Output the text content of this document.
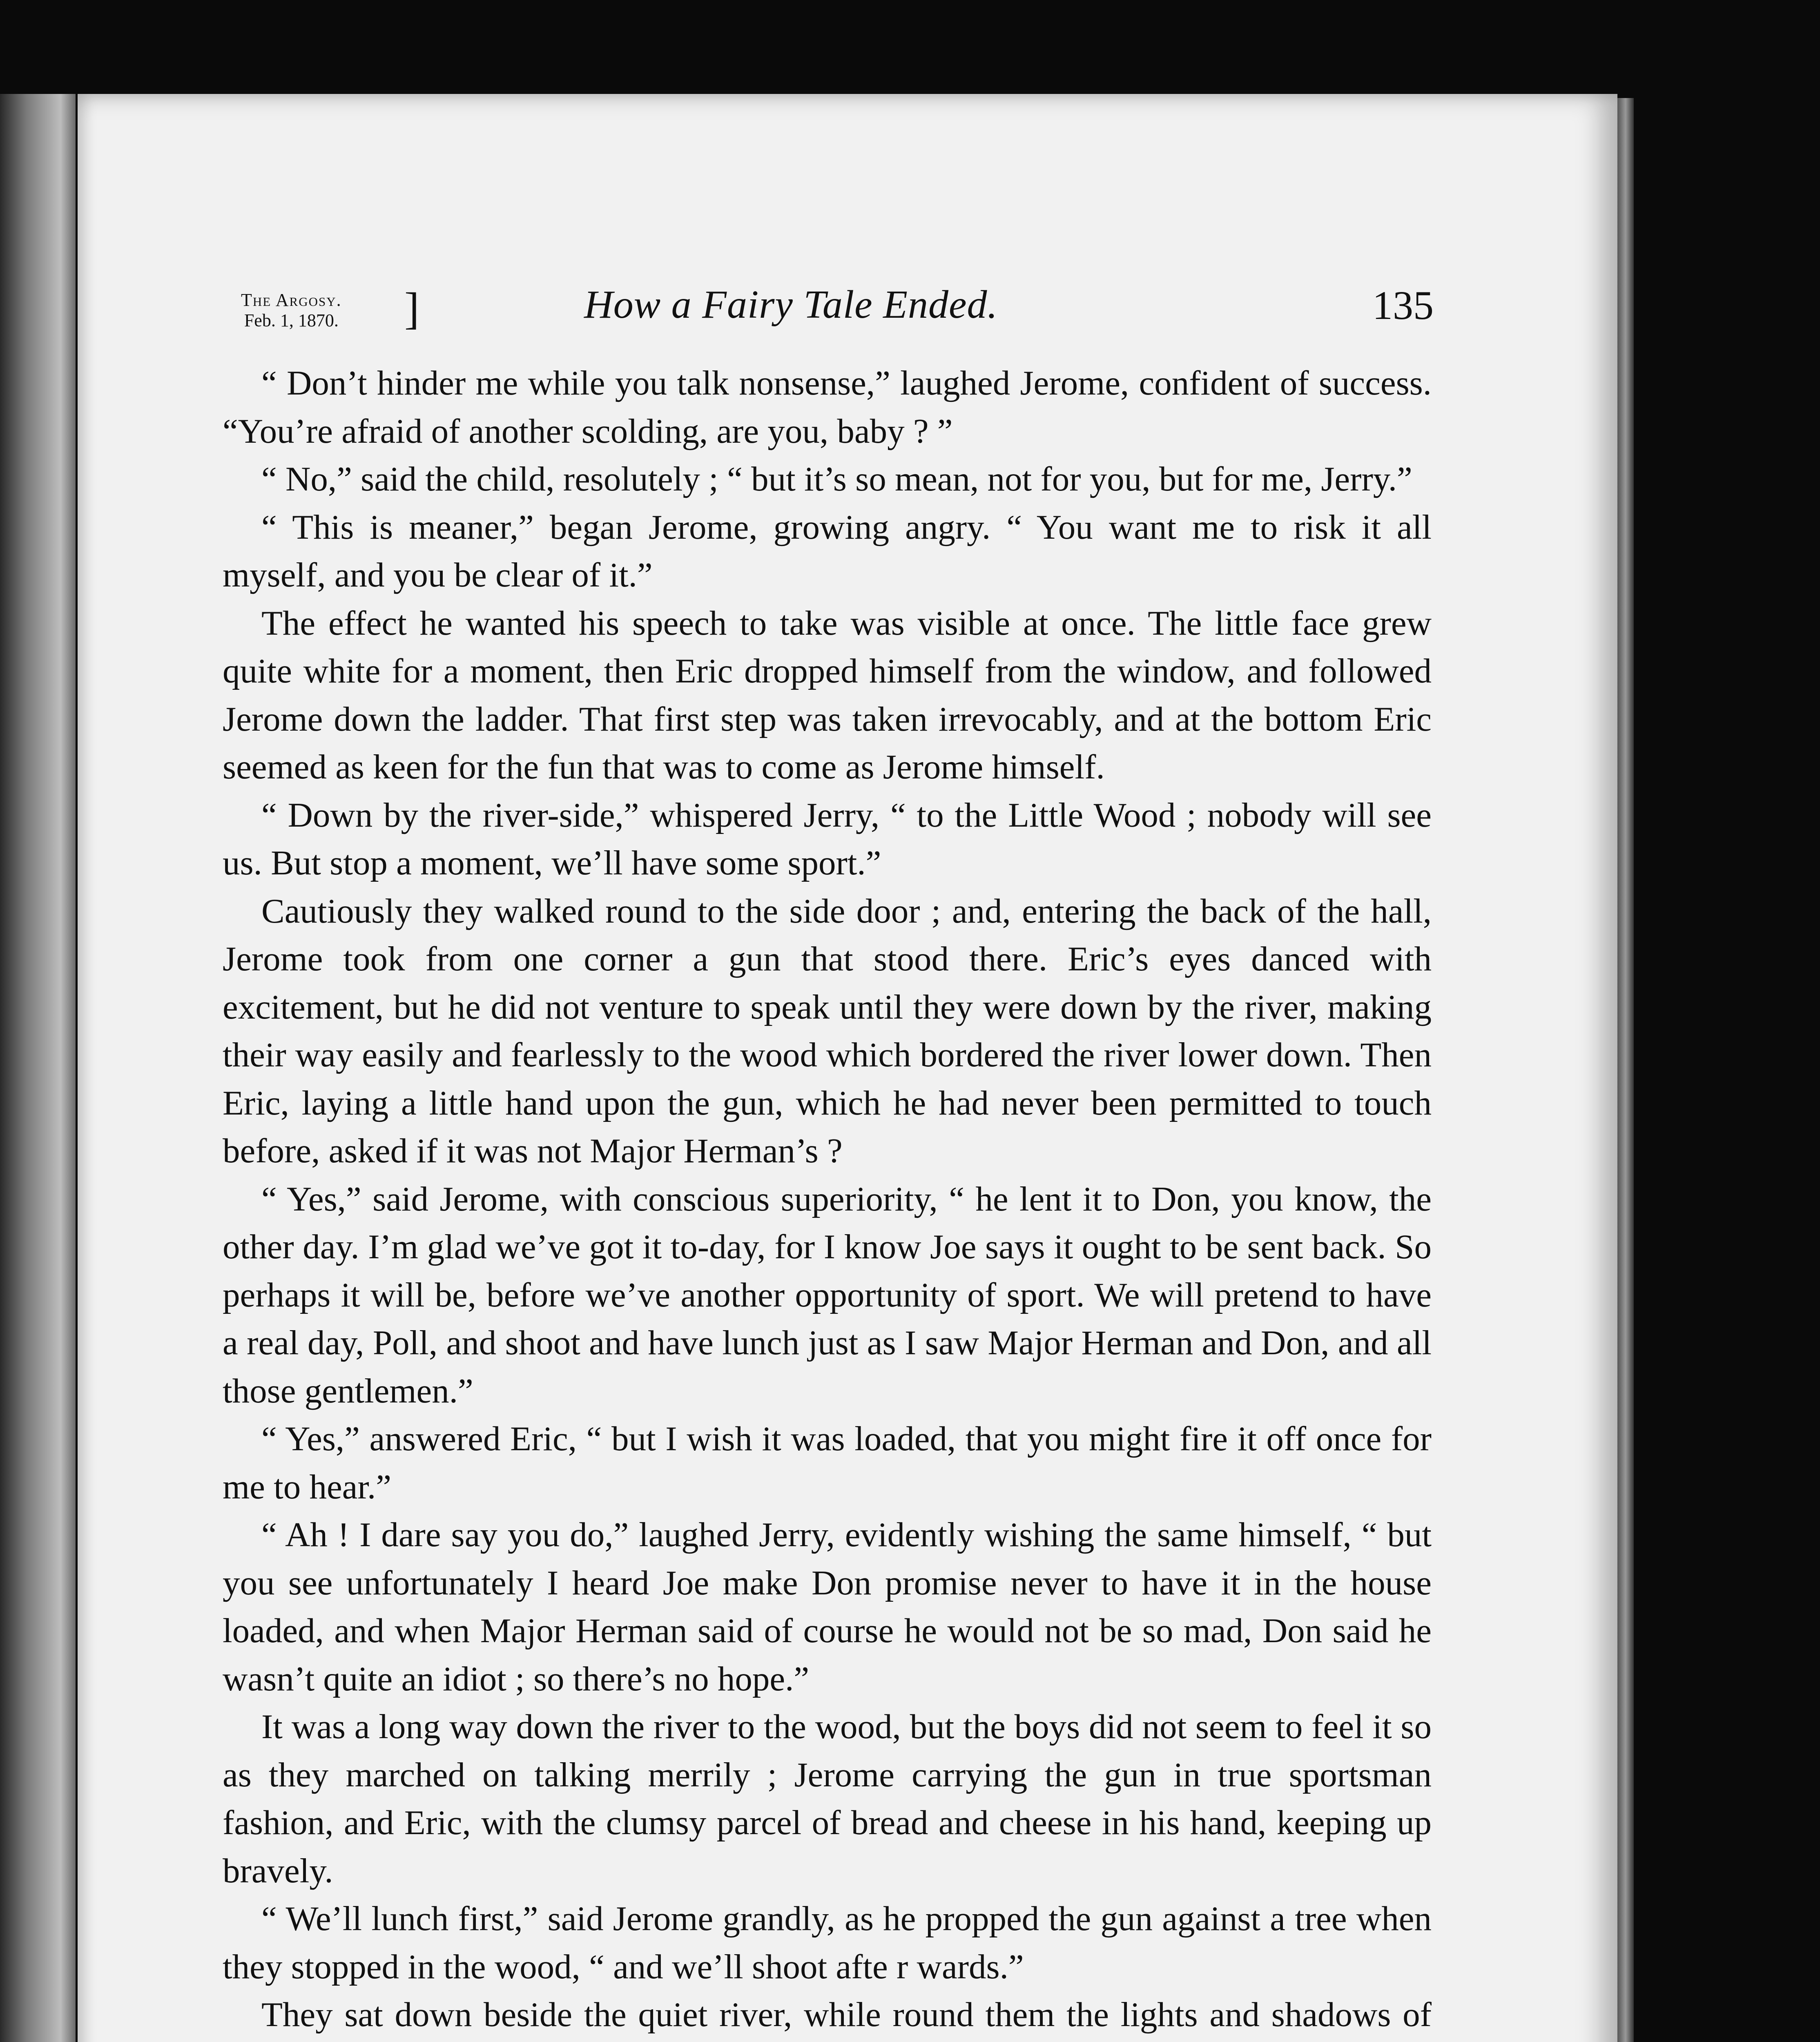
The Argosy.
Feb. 1, 1870. ]	How a Fairy Tale Ended.	135

“ Don’t hinder me while you talk nonsense,” laughed Jerome, confident of success. “You’re afraid of another scolding, are you, baby ? ”

“ No,” said the child, resolutely ; “ but it’s so mean, not for you, but for me, Jerry.”

“ This is meaner,” began Jerome, growing angry. “ You want me to risk it all myself, and you be clear of it.”

The effect he wanted his speech to take was visible at once. The little face grew quite white for a moment, then Eric dropped himself from the window, and followed Jerome down the ladder. That first step was taken irrevocably, and at the bottom Eric seemed as keen for the fun that was to come as Jerome himself.

“ Down by the river-side,” whispered Jerry, “ to the Little Wood ; nobody will see us. But stop a moment, we’ll have some sport.”

Cautiously they walked round to the side door ; and, entering the back of the hall, Jerome took from one corner a gun that stood there. Eric’s eyes danced with excitement, but he did not venture to speak until they were down by the river, making their way easily and fearlessly to the wood which bordered the river lower down. Then Eric, laying a little hand upon the gun, which he had never been permitted to touch before, asked if it was not Major Herman’s ?

“ Yes,” said Jerome, with conscious superiority, “ he lent it to Don, you know, the other day. I’m glad we’ve got it to-day, for I know Joe says it ought to be sent back. So perhaps it will be, before we’ve another opportunity of sport. We will pretend to have a real day, Poll, and shoot and have lunch just as I saw Major Herman and Don, and all those gentlemen.”

“ Yes,” answered Eric, “ but I wish it was loaded, that you might fire it off once for me to hear.”

“ Ah ! I dare say you do,” laughed Jerry, evidently wishing the same himself, “ but you see unfortunately I heard Joe make Don promise never to have it in the house loaded, and when Major Herman said of course he would not be so mad, Don said he wasn’t quite an idiot ; so there’s no hope.”

It was a long way down the river to the wood, but the boys did not seem to feel it so as they marched on talking merrily ; Jerome carrying the gun in true sportsman fashion, and Eric, with the clumsy parcel of bread and cheese in his hand, keeping up bravely.

“ We’ll lunch first,” said Jerome grandly, as he propped the gun against a tree when they stopped in the wood, “ and we’ll shoot afte r wards.”

They sat down beside the quiet river, while round them the lights and shadows of
